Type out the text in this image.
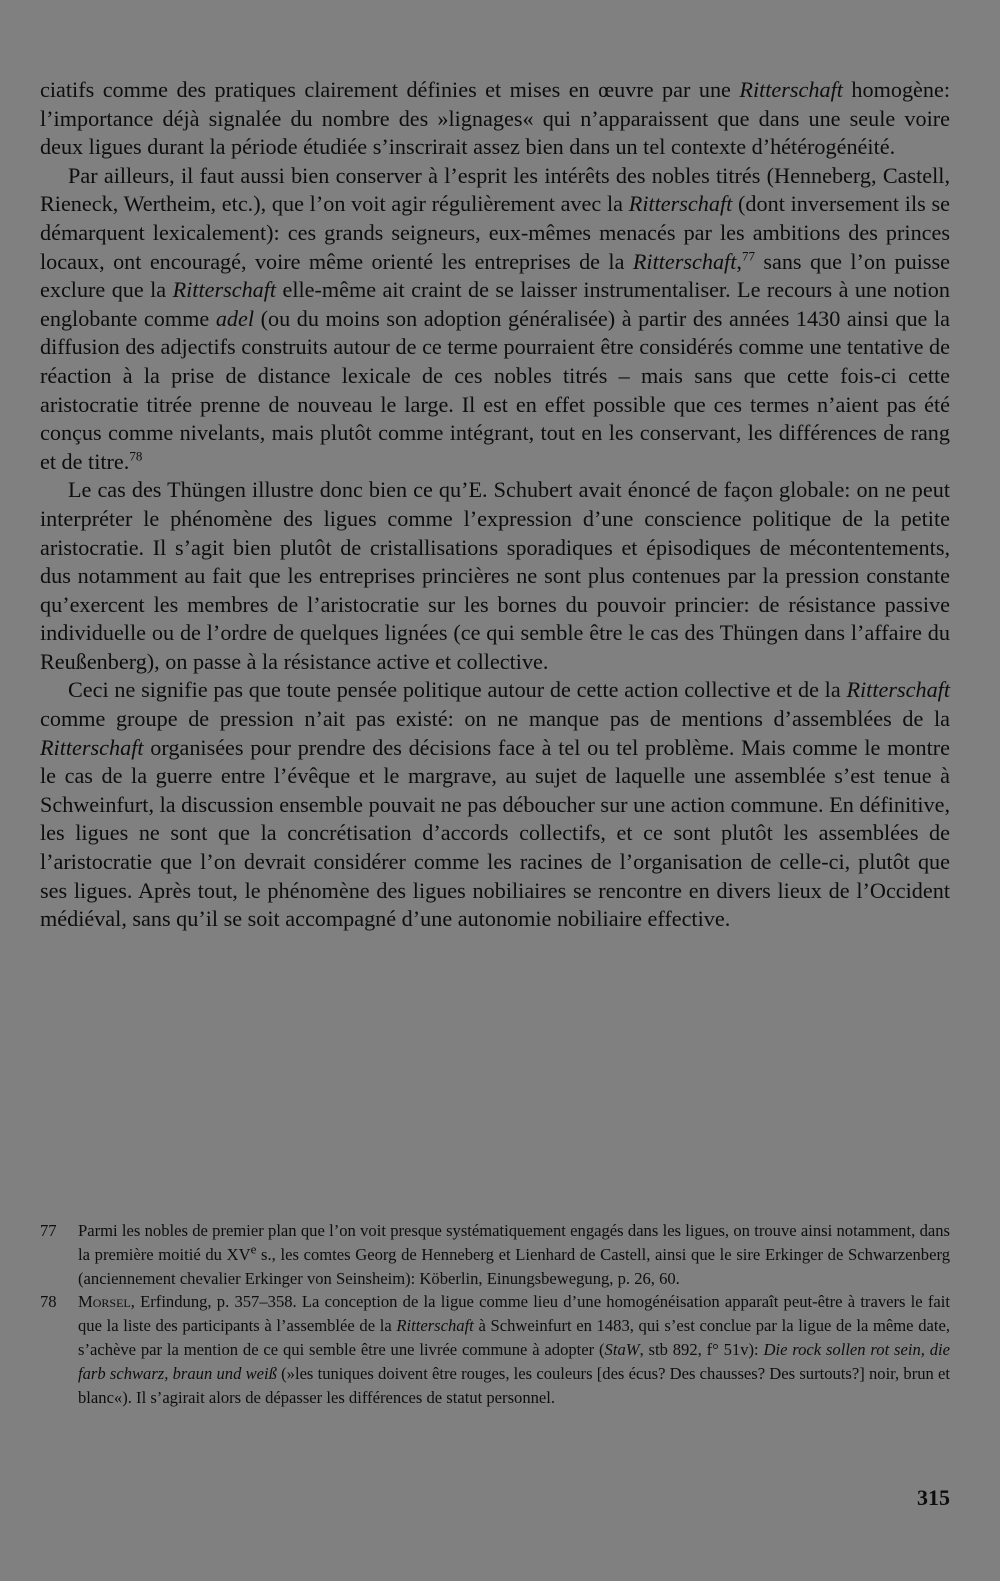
ciatifs comme des pratiques clairement définies et mises en œuvre par une Ritterschaft homogène: l’importance déjà signalée du nombre des »lignages« qui n’apparaissent que dans une seule voire deux ligues durant la période étudiée s’inscrirait assez bien dans un tel contexte d’hétérogénéité.

Par ailleurs, il faut aussi bien conserver à l’esprit les intérêts des nobles titrés (Henneberg, Castell, Rieneck, Wertheim, etc.), que l’on voit agir régulièrement avec la Ritterschaft (dont inversement ils se démarquent lexicalement): ces grands seigneurs, eux-mêmes menacés par les ambitions des princes locaux, ont encouragé, voire même orienté les entreprises de la Ritterschaft,$^{77}$ sans que l’on puisse exclure que la Ritterschaft elle-même ait craint de se laisser instrumentaliser. Le recours à une notion englobante comme adel (ou du moins son adoption généralisée) à partir des années 1430 ainsi que la diffusion des adjectifs construits autour de ce terme pourraient être considérés comme une tentative de réaction à la prise de distance lexicale de ces nobles titrés – mais sans que cette fois-ci cette aristocratie titrée prenne de nouveau le large. Il est en effet possible que ces termes n’aient pas été conçus comme nivelants, mais plutôt comme intégrant, tout en les conservant, les différences de rang et de titre.$^{78}$

Le cas des Thüngen illustre donc bien ce qu’E. Schubert avait énoncé de façon globale: on ne peut interpréter le phénomène des ligues comme l’expression d’une conscience politique de la petite aristocratie. Il s’agit bien plutôt de cristallisations sporadiques et épisodiques de mécontentements, dus notamment au fait que les entreprises princières ne sont plus contenues par la pression constante qu’exercent les membres de l’aristocratie sur les bornes du pouvoir princier: de résistance passive individuelle ou de l’ordre de quelques lignées (ce qui semble être le cas des Thüngen dans l’affaire du Reußenberg), on passe à la résistance active et collective.

Ceci ne signifie pas que toute pensée politique autour de cette action collective et de la Ritterschaft comme groupe de pression n’ait pas existé: on ne manque pas de mentions d’assemblées de la Ritterschaft organisées pour prendre des décisions face à tel ou tel problème. Mais comme le montre le cas de la guerre entre l’évêque et le margrave, au sujet de laquelle une assemblée s’est tenue à Schweinfurt, la discussion ensemble pouvait ne pas déboucher sur une action commune. En définitive, les ligues ne sont que la concrétisation d’accords collectifs, et ce sont plutôt les assemblées de l’aristocratie que l’on devrait considérer comme les racines de l’organisation de celle-ci, plutôt que ses ligues. Après tout, le phénomène des ligues nobiliaires se rencontre en divers lieux de l’Occident médiéval, sans qu’il se soit accompagné d’une autonomie nobiliaire effective.

77	Parmi les nobles de premier plan que l’on voit presque systématiquement engagés dans les ligues, on trouve ainsi notamment, dans la première moitié du XVe s., les comtes Georg de Henneberg et Lienhard de Castell, ainsi que le sire Erkinger de Schwarzenberg (anciennement chevalier Erkinger von Seinsheim): Köberlin, Einungsbewegung, p. 26, 60.
78	Morsel, Erfindung, p. 357–358. La conception de la ligue comme lieu d’une homogénéisation apparaît peut-être à travers le fait que la liste des participants à l’assemblée de la Ritterschaft à Schweinfurt en 1483, qui s’est conclue par la ligue de la même date, s’achève par la mention de ce qui semble être une livrée commune à adopter (StaW, stb 892, f° 51v): Die rock sollen rot sein, die farb schwarz, braun und weiß (»les tuniques doivent être rouges, les couleurs [des écus? Des chausses? Des surtouts?] noir, brun et blanc«). Il s’agirait alors de dépasser les différences de statut personnel.
315
